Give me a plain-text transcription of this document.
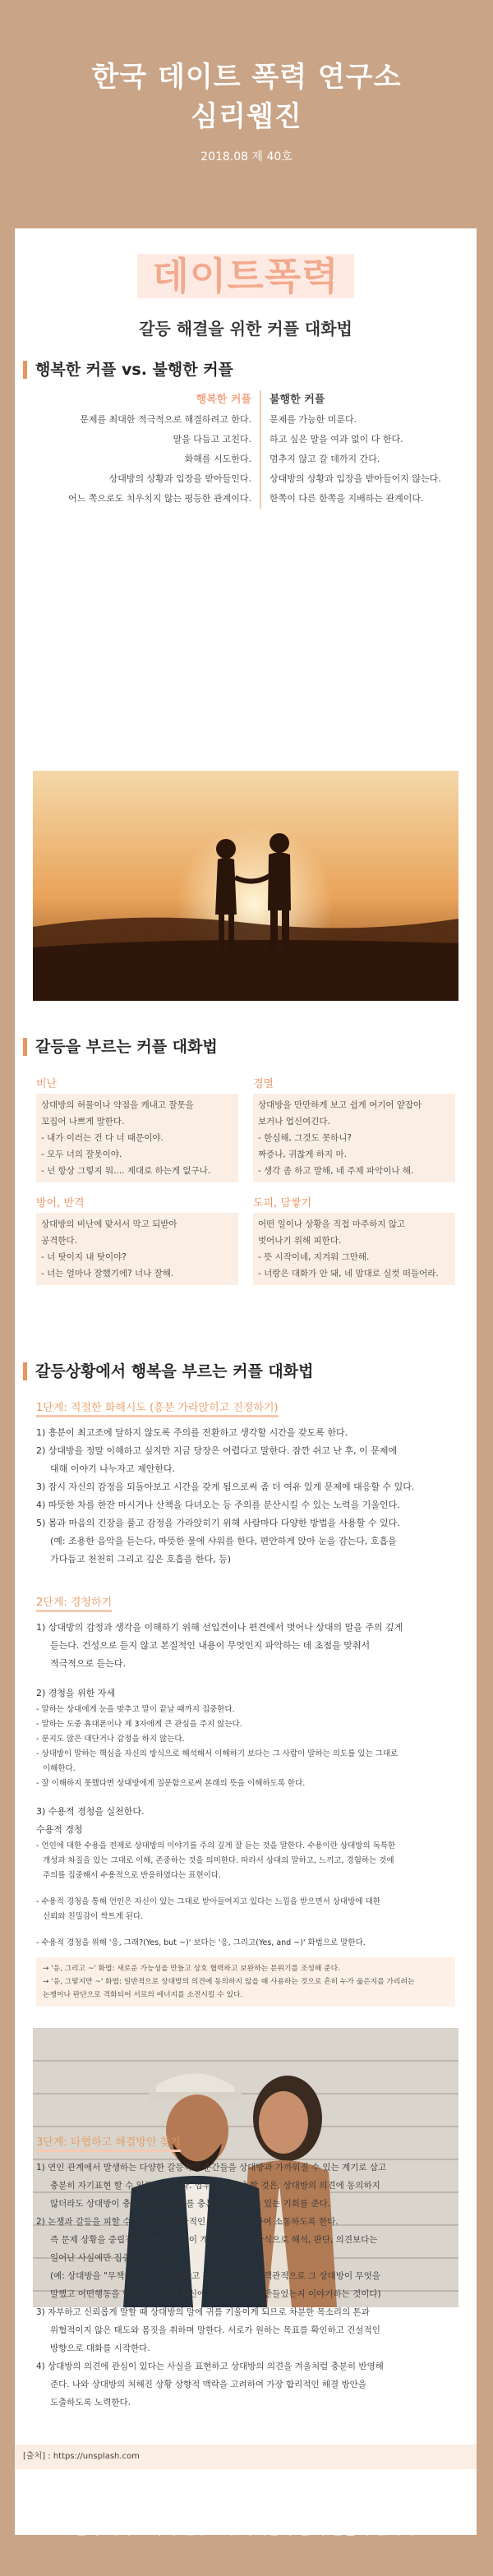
한국 데이트 폭력 연구소
심리웹진
2018.08 제 40호
데이트폭력
갈등 해결을 위한 커플 대화법
행복한 커플 vs. 불행한 커플
행복한 커플
문제를 최대한 적극적으로 해결하려고 한다.
말을 다듬고 고친다.
화해를 시도한다.
상대방의 상황과 입장을 받아들인다.
어느 쪽으로도 치우치지 않는 평등한 관계이다.
불행한 커플
문제를 가능한 미룬다.
하고 싶은 말을 여과 없이 다 한다.
멈추지 않고 갈 데까지 간다.
상대방의 상황과 입장을 받아들이지 않는다.
한쪽이 다른 한쪽을 지배하는 관계이다.
갈등을 부르는 커플 대화법
비난
상대방의 허물이나 약점을 캐내고 잘못을
꼬집어 나쁘게 말한다.
- 내가 이러는 건 다 너 때문이야.
- 모두 너의 잘못이야.
- 넌 항상 그렇지 뭐.... 제대로 하는게 없구나.
경멸
상대방을 만만하게 보고 쉽게 여기어 얕잡아
보거나 업신여긴다.
- 한심해, 그것도 못하니?
짜증나, 귀찮게 하지 마.
- 생각 좀 하고 말해, 네 주제 파악이나 해.
방어, 반격
상대방의 비난에 맞서서 막고 되받아
공격한다.
- 너 탓이지 내 탓이야?
- 너는 얼마나 잘했기에? 너나 잘해.
도피, 담쌓기
어떤 일이나 상황을 직접 마주하지 않고
벗어나기 위해 피한다.
- 뜻 시작이네, 지겨워 그만해.
- 너랑은 대화가 안 돼, 네 맘대로 실컷 떠들어라.
갈등상황에서 행복을 부르는 커플 대화법
1단계: 적절한 화해시도 (흥분 가라앉히고 진정하기)
1) 흥분이 최고조에 달하지 않도록 주의를 전환하고 생각할 시간을 갖도록 한다.
2) 상대방을 정말 이해하고 싶지만 지금 당장은 어렵다고 말한다. 잠깐 쉬고 난 후, 이 문제에
대해 이야기 나누자고 제안한다.
3) 잠시 자신의 감정을 되돌아보고 시간을 갖게 됨으로써 좀 더 여유 있게 문제에 대응할 수 있다.
4) 따뜻한 차를 한잔 마시거나 산책을 다녀오는 등 주의를 분산시킬 수 있는 노력을 기울인다.
5) 몸과 마음의 긴장을 풀고 감정을 가라앉히기 위해 사람마다 다양한 방법을 사용할 수 있다.
(예: 조용한 음악을 듣는다, 따뜻한 물에 샤워를 한다, 편안하게 앉아 눈을 감는다, 호흡을
가다듬고 천천히 그리고 깊은 호흡을 한다, 등)
2단계: 경청하기
1) 상대방의 감정과 생각을 이해하기 위해 선입견이나 편견에서 벗어나 상대의 말을 주의 깊게
듣는다. 건성으로 듣지 않고 본질적인 내용이 무엇인지 파악하는 데 초점을 맞춰서
적극적으로 듣는다.
2) 경청을 위한 자세
- 말하는 상대에게 눈을 맞추고 말이 끝날 때까지 집중한다.
- 말하는 도중 휴대폰이나 제 3자에게 큰 관심을 주지 않는다.
- 분지도 않은 대단거나 감정을 하지 않는다.
- 상대방이 말하는 핵심을 자신의 방식으로 해석해서 이해하기 보다는 그 사람이 말하는 의도를 있는 그대로
이해한다.
- 잘 이해하지 못했다면 상대방에게 질문함으로써 본래의 뜻을 이해하도록 한다.
3) 수용적 경청을 실천한다.
수용적 경청
- 언인에 대한 수용을 전제로 상대방의 이야기를 주의 깊게 잘 듣는 것을 말한다. 수용이란 상대방의 독특한
개성과 차질을 있는 그대로 이해, 존중하는 것을 의미한다. 따라서 상대의 말하고, 느끼고, 경험하는 것에
주의를 집중해서 수용적으로 반응하였다는 표현이다.
- 수용적 경청을 통해 언인은 자신이 있는 그대로 받아들여지고 있다는 느낌을 받으면서 상대방에 대한
신뢰와 친밀감이 싹트게 된다.
- 수용적 경청을 위해 '응, 그래?(Yes, but ~)' 보다는 '응, 그리고(Yes, and ~)' 화법으로 말한다.
→ '응, 그리고 ~' 화법: 새로운 가능성을 만들고 상호 협력하고 보완하는 분위기를 조성해 준다.
→ '응, 그렇지만 ~' 화법: 일반적으로 상대방의 의견에 동의하지 않을 때 사용하는 것으로 흔히 누가 옳은지를 가리려는
논쟁이나 판단으로 격화되어 서로의 에너지를 소진시킬 수 있다.
3단계: 타협하고 해결방안 찾기
1) 연인 관계에서 발생하는 다양한 갈등적인 순간들을 상대방과 가까워질 수 있는 계기로 삼고
충분히 자기표현 할 수 있도록 돕는다. 염두에 두어야 할 것은, 상대방의 의견에 동의하지
않더라도 상대방이 충분히 자기 의사를 충분히 표현할 수 있는 기회를 준다.
2) 논쟁과 갈등을 피할 수 있도록 '비판단적인 언어'를 사용하여 소통하도록 한다.
즉 문제 상황을 중립적으로 보고 감정이 개입되지 않은 방식으로 해석, 판단, 의견보다는
일어난 사실에만 집중하도록 한다.
(예: 상대방을 "무책하다", "나쁘다"라고 판단하기보다는 객관적으로 그 상대방이 무엇을
말했고 어떤행동을 했으며, 그것이 당신에 기분을 어떻게 만들었는지 이야기하는 것이다)
3) 자부하고 신뢰롭게 말할 때 상대방의 말에 귀를 기울이게 되므로 차분한 목소리의 톤과
위협적이지 않은 태도와 몸짓을 취하며 말한다. 서로가 원하는 목표를 확인하고 건설적인
방향으로 대화를 시작한다.
4) 상대방의 의견에 관심이 있다는 사실을 표현하고 상대방의 의견을 겨울처럼 충분히 반영해
준다. 나와 상대방의 처해진 상황 상향적 맥락을 고려하여 가장 합리적인 해결 방안을
도출하도록 노력한다.
[출처] : https://unsplash.com
당신의 소중한 하루,
한국 데이트 폭력 연구소가 여러분과 함께 만들어 갑니다.
